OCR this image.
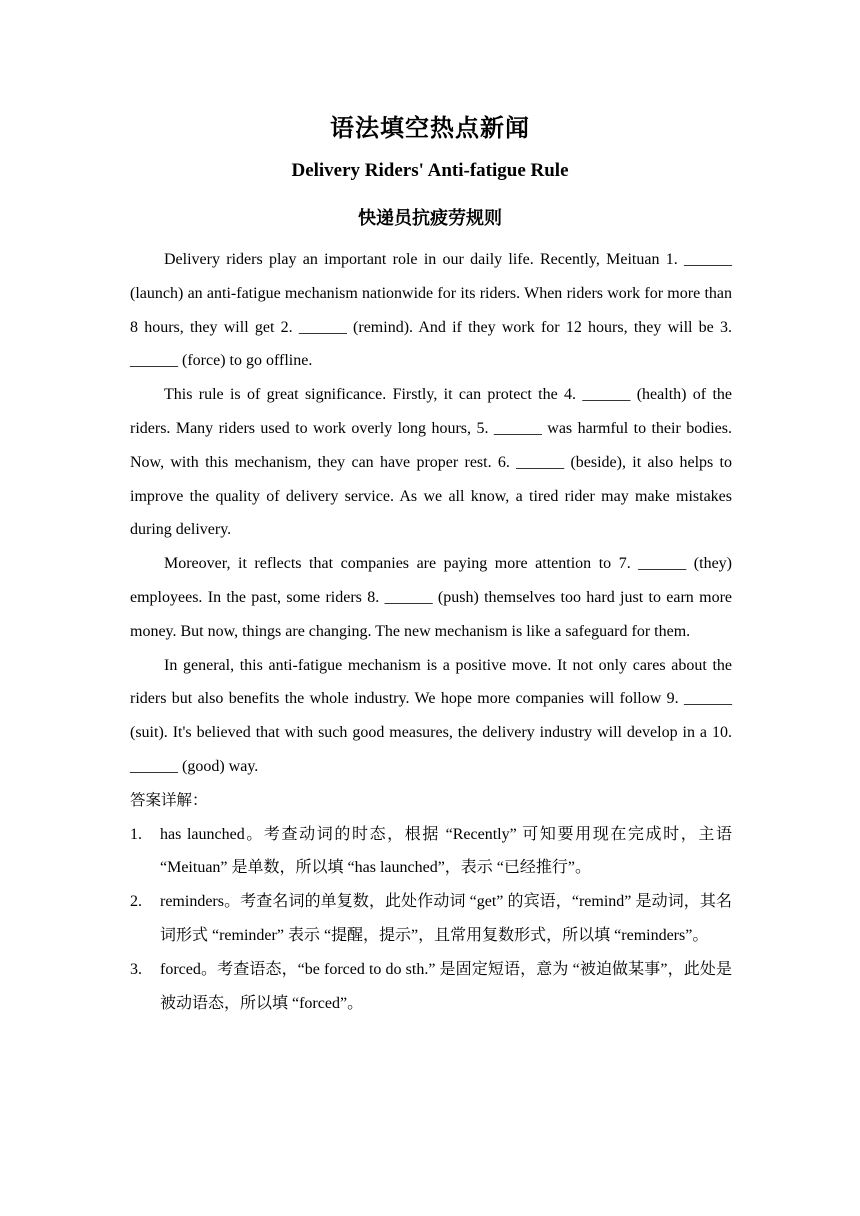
语法填空热点新闻
Delivery Riders' Anti-fatigue Rule
快递员抗疲劳规则

Delivery riders play an important role in our daily life. Recently, Meituan 1. ______ (launch) an anti-fatigue mechanism nationwide for its riders. When riders work for more than 8 hours, they will get 2. ______ (remind). And if they work for 12 hours, they will be 3. ______ (force) to go offline.

This rule is of great significance. Firstly, it can protect the 4. ______ (health) of the riders. Many riders used to work overly long hours, 5. ______ was harmful to their bodies. Now, with this mechanism, they can have proper rest. 6. ______ (beside), it also helps to improve the quality of delivery service. As we all know, a tired rider may make mistakes during delivery.

Moreover, it reflects that companies are paying more attention to 7. ______ (they) employees. In the past, some riders 8. ______ (push) themselves too hard just to earn more money. But now, things are changing. The new mechanism is like a safeguard for them.

In general, this anti-fatigue mechanism is a positive move. It not only cares about the riders but also benefits the whole industry. We hope more companies will follow 9. ______ (suit). It's believed that with such good measures, the delivery industry will develop in a 10. ______ (good) way.

答案详解：

1. has launched。考查动词的时态，根据 “Recently” 可知要用现在完成时，主语 “Meituan” 是单数，所以填 “has launched”，表示 “已经推行”。
2. reminders。考查名词的单复数，此处作动词 “get” 的宾语，“remind” 是动词，其名词形式 “reminder” 表示 “提醒，提示”，且常用复数形式，所以填 “reminders”。
3. forced。考查语态，“be forced to do sth.” 是固定短语，意为 “被迫做某事”，此处是被动语态，所以填 “forced”。
